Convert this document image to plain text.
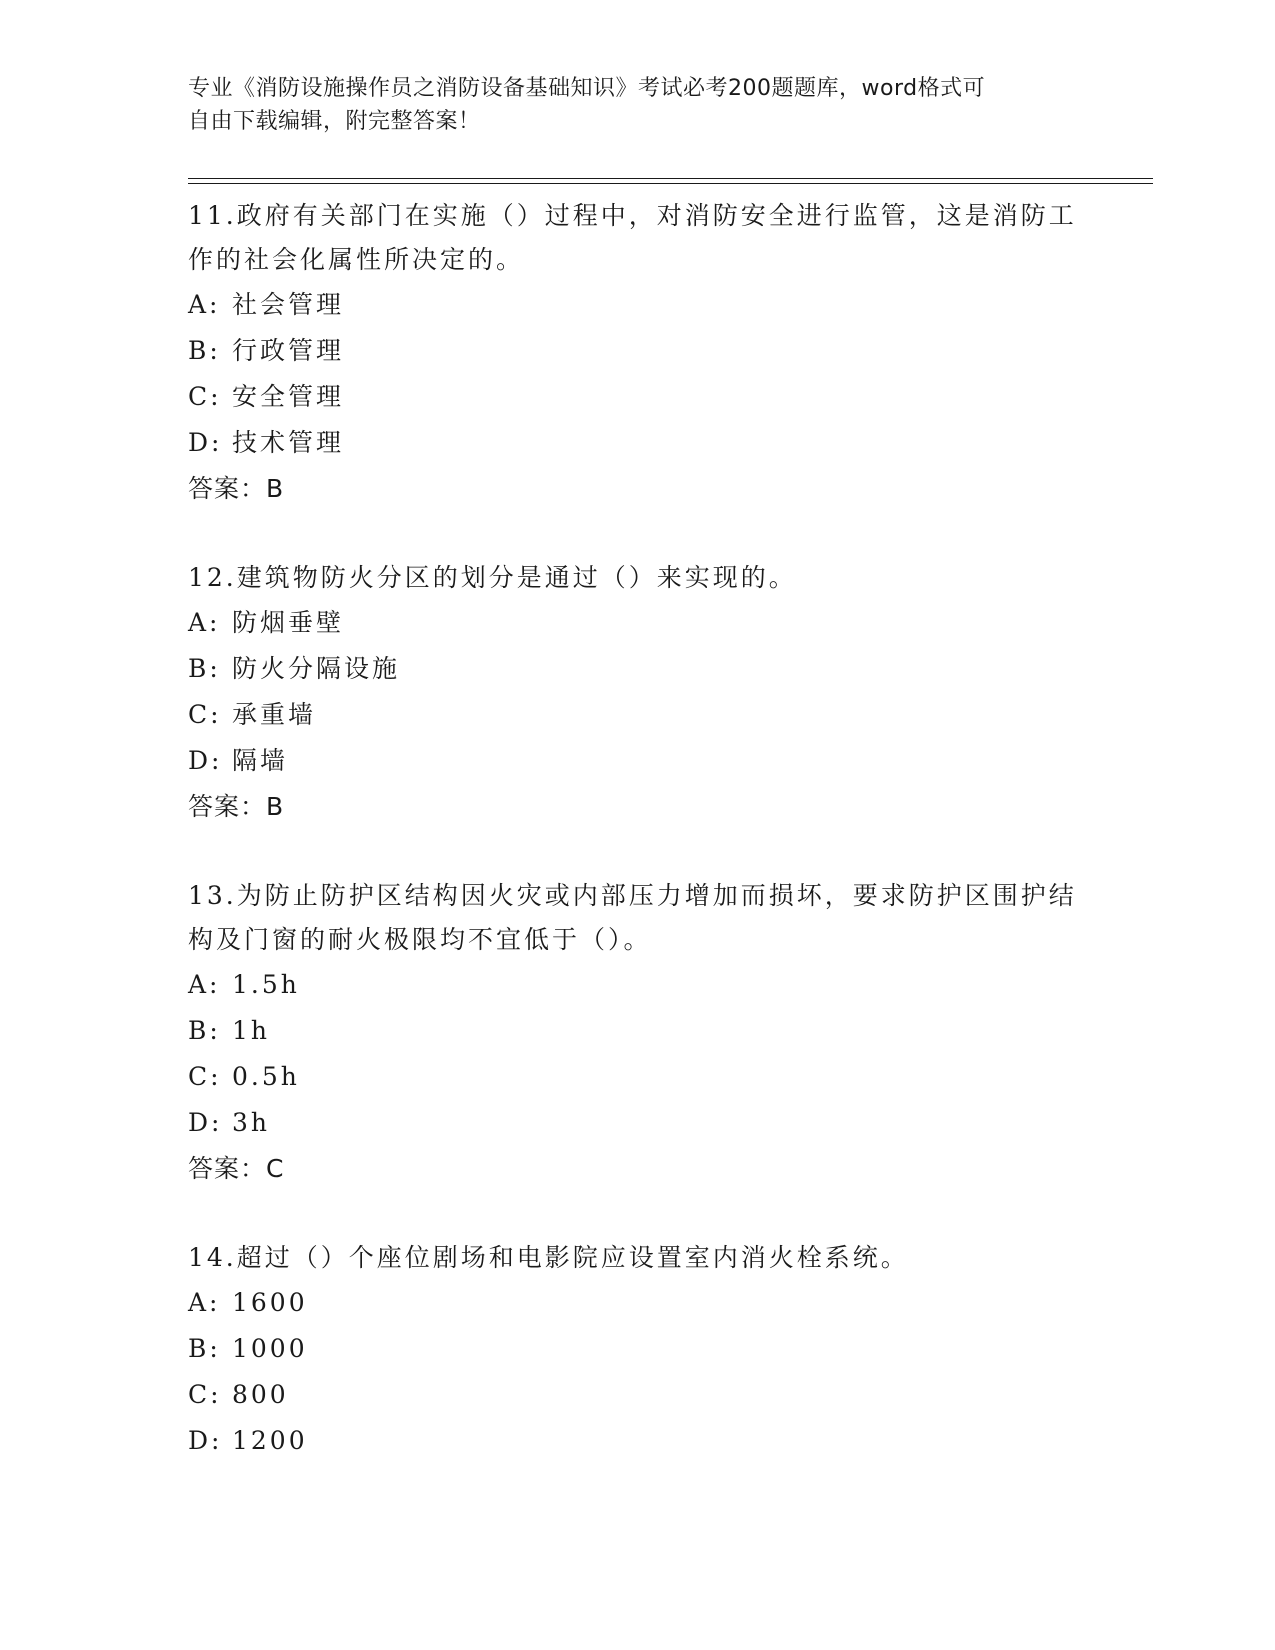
专业《消防设施操作员之消防设备基础知识》考试必考200题题库，word格式可
自由下载编辑，附完整答案！

11.政府有关部门在实施（）过程中，对消防安全进行监管，这是消防工作的社会化属性所决定的。

A: 社会管理
B: 行政管理
C: 安全管理
D: 技术管理
答案：B

12.建筑物防火分区的划分是通过（）来实现的。

A: 防烟垂壁
B: 防火分隔设施
C: 承重墙
D: 隔墙
答案：B

13.为防止防护区结构因火灾或内部压力增加而损坏，要求防护区围护结构及门窗的耐火极限均不宜低于（）。

A: 1.5h
B: 1h
C: 0.5h
D: 3h
答案：C

14.超过（）个座位剧场和电影院应设置室内消火栓系统。

A: 1600
B: 1000
C: 800
D: 1200
